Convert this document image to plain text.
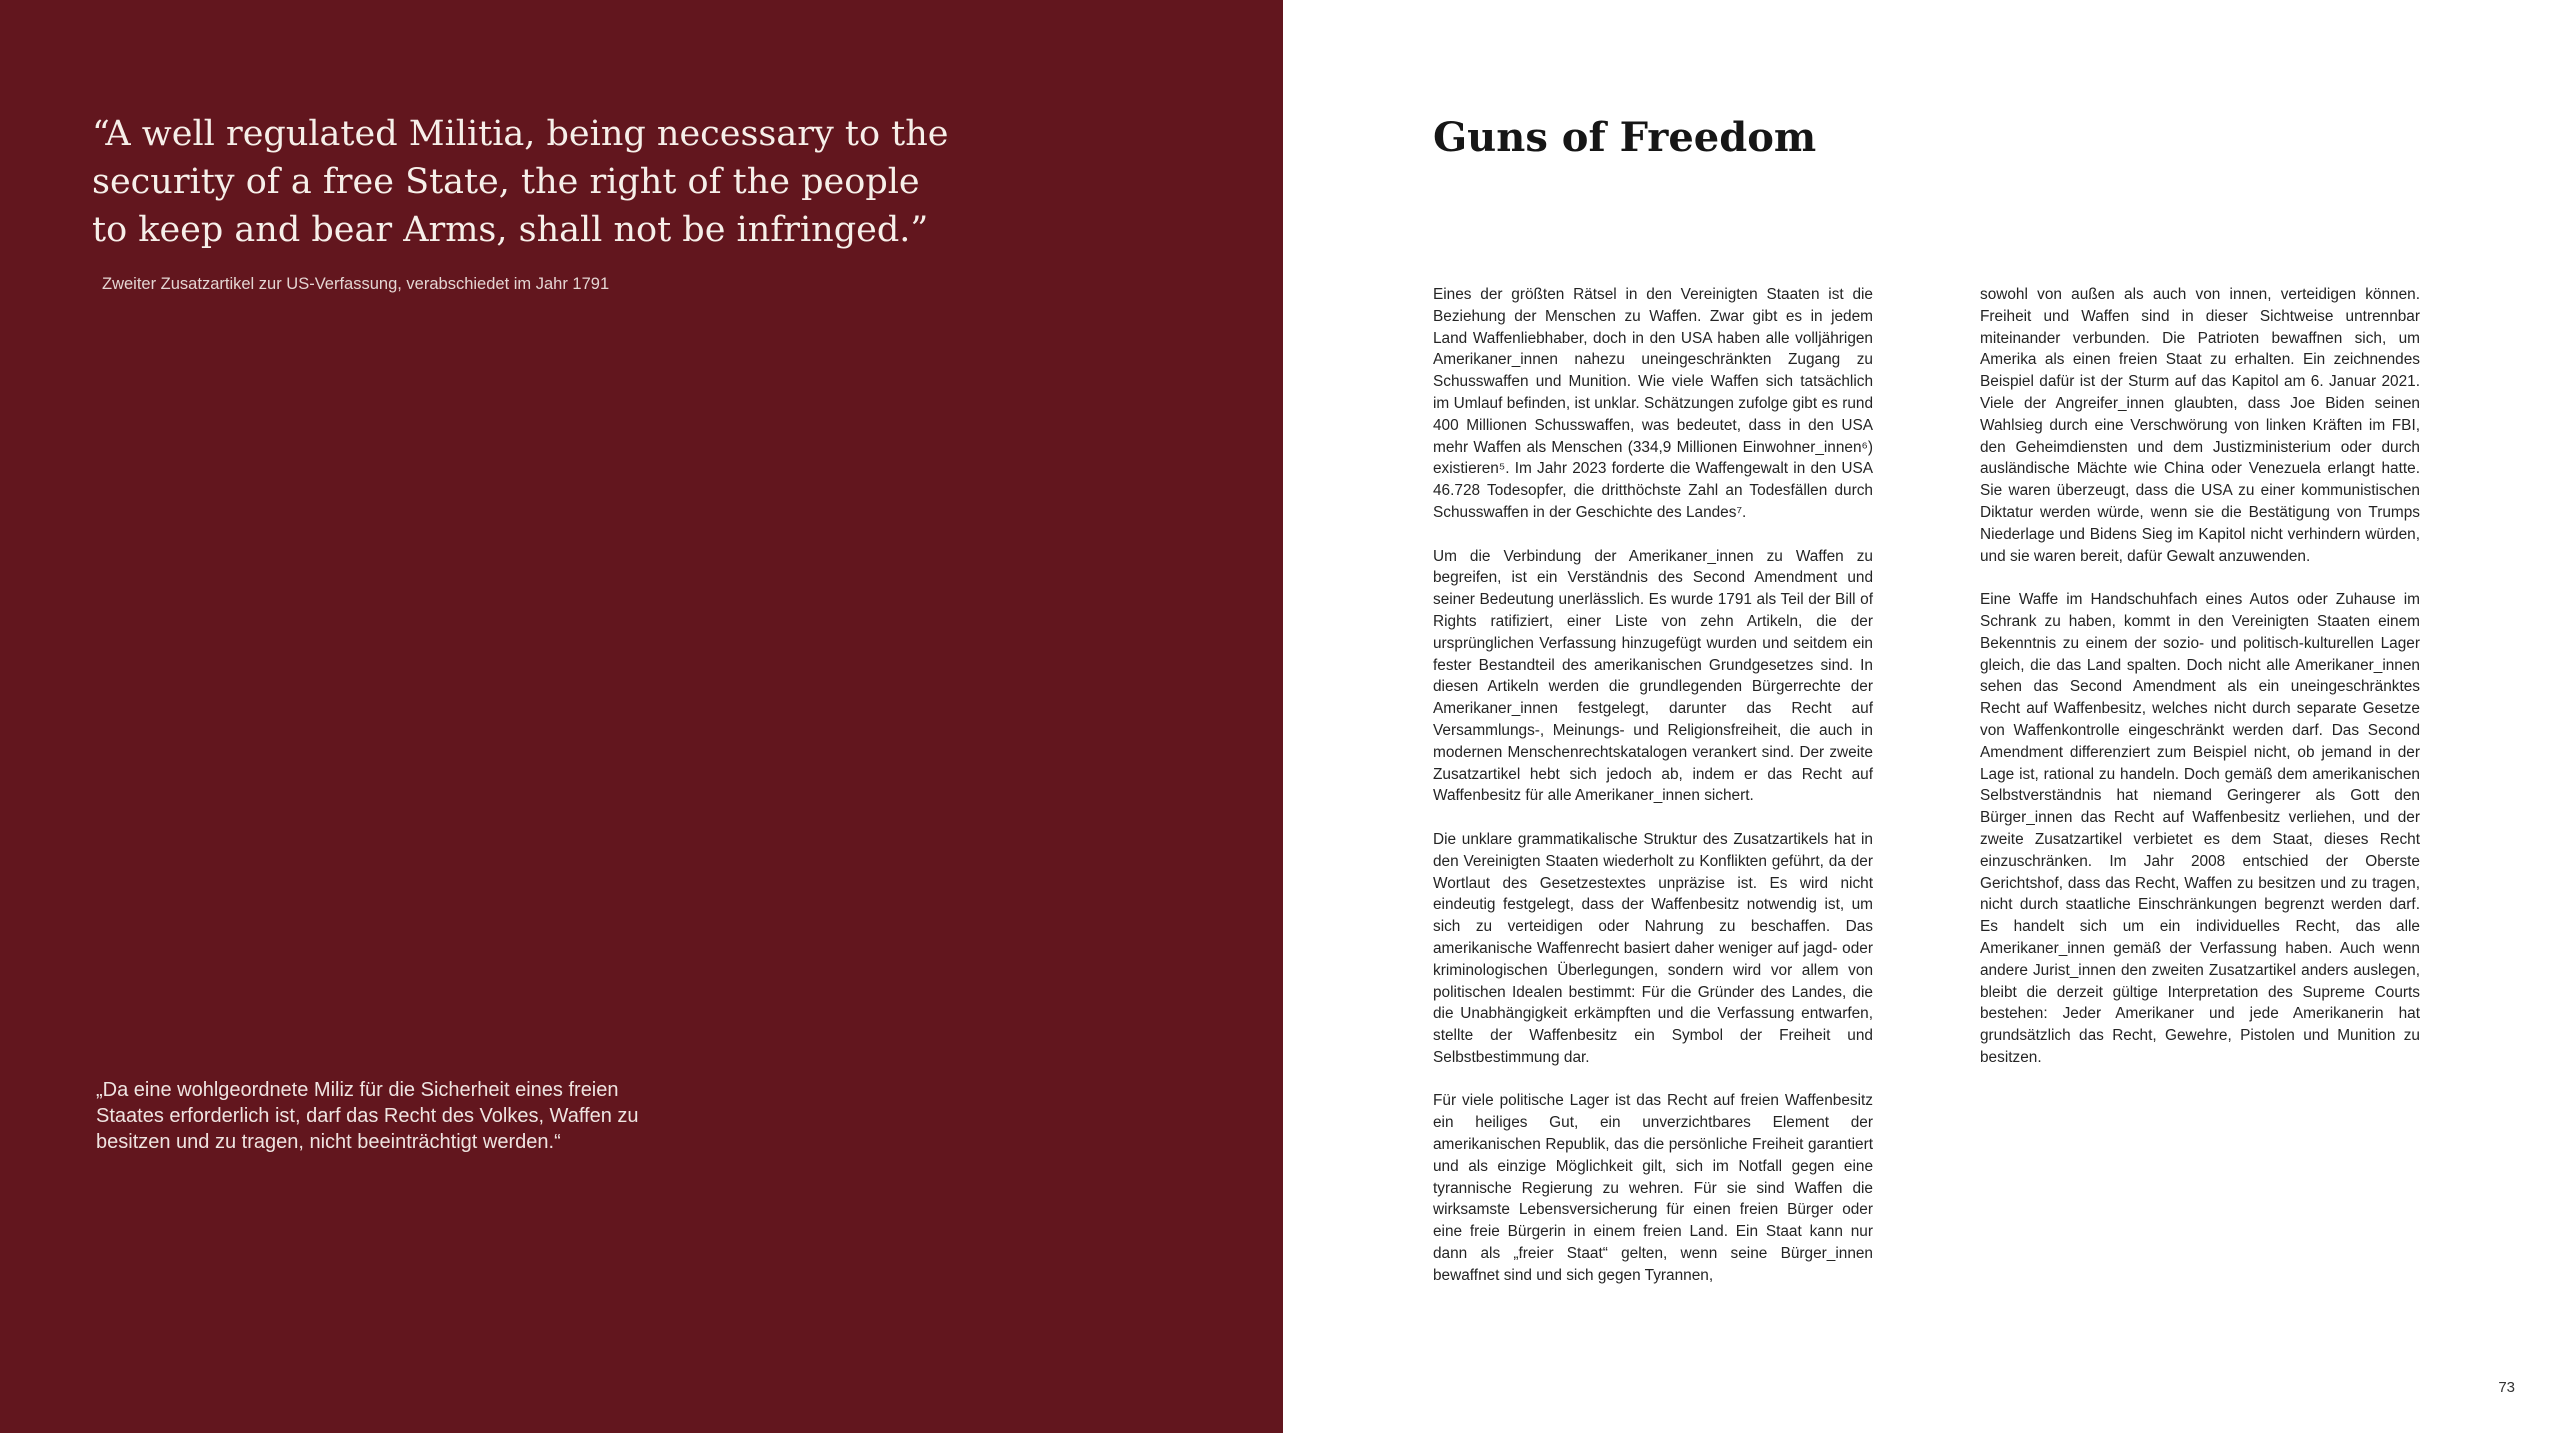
“A well regulated Militia, being necessary to the
security of a free State, the right of the people
to keep and bear Arms, shall not be infringed.”

Zweiter Zusatzartikel zur US-Verfassung, verabschiedet im Jahr 1791

„Da eine wohlgeordnete Miliz für die Sicherheit eines freien
Staates erforderlich ist, darf das Recht des Volkes, Waffen zu
besitzen und zu tragen, nicht beeinträchtigt werden.“

Guns of Freedom

Eines der größten Rätsel in den Vereinigten Staaten ist die Beziehung der Menschen zu Waffen. Zwar gibt es in jedem Land Waffenliebhaber, doch in den USA haben alle volljährigen Amerikaner_innen nahezu uneingeschränkten Zugang zu Schusswaffen und Munition. Wie viele Waffen sich tatsächlich im Umlauf befinden, ist unklar. Schätzungen zufolge gibt es rund 400 Millionen Schusswaffen, was bedeutet, dass in den USA mehr Waffen als Menschen (334,9 Millionen Einwohner_innen⁶) existieren⁵. Im Jahr 2023 forderte die Waffengewalt in den USA 46.728 Todesopfer, die dritthöchste Zahl an Todesfällen durch Schusswaffen in der Geschichte des Landes⁷.

Um die Verbindung der Amerikaner_innen zu Waffen zu begreifen, ist ein Verständnis des Second Amendment und seiner Bedeutung unerlässlich. Es wurde 1791 als Teil der Bill of Rights ratifiziert, einer Liste von zehn Artikeln, die der ursprünglichen Verfassung hinzugefügt wurden und seitdem ein fester Bestandteil des amerikanischen Grundgesetzes sind. In diesen Artikeln werden die grundlegenden Bürgerrechte der Amerikaner_innen festgelegt, darunter das Recht auf Versammlungs-, Meinungs- und Religionsfreiheit, die auch in modernen Menschenrechtskatalogen verankert sind. Der zweite Zusatzartikel hebt sich jedoch ab, indem er das Recht auf Waffenbesitz für alle Amerikaner_innen sichert.

Die unklare grammatikalische Struktur des Zusatzartikels hat in den Vereinigten Staaten wiederholt zu Konflikten geführt, da der Wortlaut des Gesetzestextes unpräzise ist. Es wird nicht eindeutig festgelegt, dass der Waffenbesitz notwendig ist, um sich zu verteidigen oder Nahrung zu beschaffen. Das amerikanische Waffenrecht basiert daher weniger auf jagd- oder kriminologischen Überlegungen, sondern wird vor allem von politischen Idealen bestimmt: Für die Gründer des Landes, die die Unabhängigkeit erkämpften und die Verfassung entwarfen, stellte der Waffenbesitz ein Symbol der Freiheit und Selbstbestimmung dar.

Für viele politische Lager ist das Recht auf freien Waffenbesitz ein heiliges Gut, ein unverzichtbares Element der amerikanischen Republik, das die persönliche Freiheit garantiert und als einzige Möglichkeit gilt, sich im Notfall gegen eine tyrannische Regierung zu wehren. Für sie sind Waffen die wirksamste Lebensversicherung für einen freien Bürger oder eine freie Bürgerin in einem freien Land. Ein Staat kann nur dann als „freier Staat“ gelten, wenn seine Bürger_innen bewaffnet sind und sich gegen Tyrannen,

sowohl von außen als auch von innen, verteidigen können. Freiheit und Waffen sind in dieser Sichtweise untrennbar miteinander verbunden. Die Patrioten bewaffnen sich, um Amerika als einen freien Staat zu erhalten. Ein zeichnendes Beispiel dafür ist der Sturm auf das Kapitol am 6. Januar 2021. Viele der Angreifer_innen glaubten, dass Joe Biden seinen Wahlsieg durch eine Verschwörung von linken Kräften im FBI, den Geheimdiensten und dem Justizministerium oder durch ausländische Mächte wie China oder Venezuela erlangt hatte. Sie waren überzeugt, dass die USA zu einer kommunistischen Diktatur werden würde, wenn sie die Bestätigung von Trumps Niederlage und Bidens Sieg im Kapitol nicht verhindern würden, und sie waren bereit, dafür Gewalt anzuwenden.

Eine Waffe im Handschuhfach eines Autos oder Zuhause im Schrank zu haben, kommt in den Vereinigten Staaten einem Bekenntnis zu einem der sozio- und politisch-kulturellen Lager gleich, die das Land spalten. Doch nicht alle Amerikaner_innen sehen das Second Amendment als ein uneingeschränktes Recht auf Waffenbesitz, welches nicht durch separate Gesetze von Waffenkontrolle eingeschränkt werden darf. Das Second Amendment differenziert zum Beispiel nicht, ob jemand in der Lage ist, rational zu handeln. Doch gemäß dem amerikanischen Selbstverständnis hat niemand Geringerer als Gott den Bürger_innen das Recht auf Waffenbesitz verliehen, und der zweite Zusatzartikel verbietet es dem Staat, dieses Recht einzuschränken. Im Jahr 2008 entschied der Oberste Gerichtshof, dass das Recht, Waffen zu besitzen und zu tragen, nicht durch staatliche Einschränkungen begrenzt werden darf. Es handelt sich um ein individuelles Recht, das alle Amerikaner_innen gemäß der Verfassung haben. Auch wenn andere Jurist_innen den zweiten Zusatzartikel anders auslegen, bleibt die derzeit gültige Interpretation des Supreme Courts bestehen: Jeder Amerikaner und jede Amerikanerin hat grundsätzlich das Recht, Gewehre, Pistolen und Munition zu besitzen.

73
